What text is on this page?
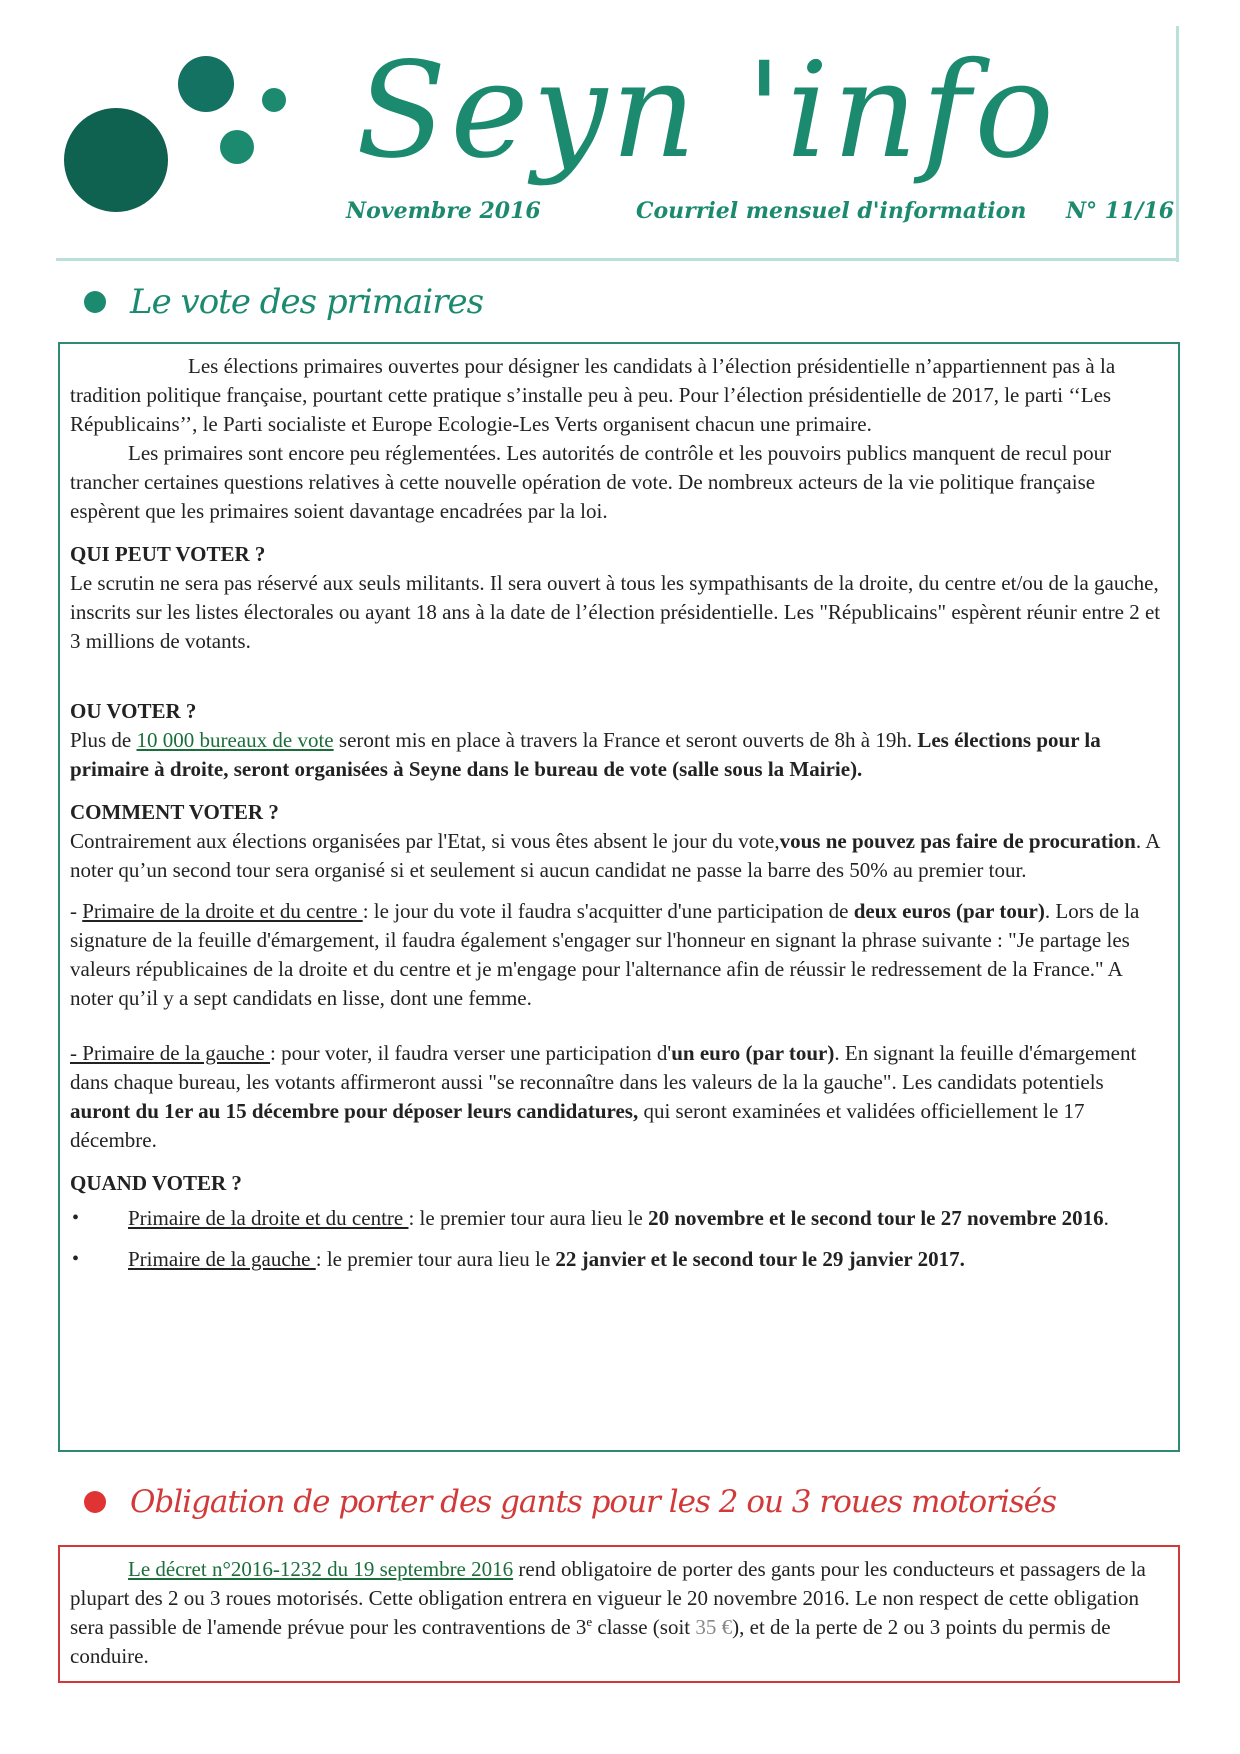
Seyn 'info
Novembre 2016	Courriel mensuel d'information N° 11/16
Le vote des primaires

Les élections primaires ouvertes pour désigner les candidats à l’élection présidentielle n’appartiennent pas à la tradition politique française, pourtant cette pratique s’installe peu à peu. Pour l’élection présidentielle de 2017, le parti ‘‘Les Républicains’’, le Parti socialiste et Europe Ecologie-Les Verts organisent chacun une primaire.

Les primaires sont encore peu réglementées. Les autorités de contrôle et les pouvoirs publics manquent de recul pour trancher certaines questions relatives à cette nouvelle opération de vote. De nombreux acteurs de la vie politique française espèrent que les primaires soient davantage encadrées par la loi.

QUI PEUT VOTER ?

Le scrutin ne sera pas réservé aux seuls militants. Il sera ouvert à tous les sympathisants de la droite, du centre et/ou de la gauche, inscrits sur les listes électorales ou ayant 18 ans à la date de l’élection présidentielle. Les "Républicains" espèrent réunir entre 2 et 3 millions de votants.

OU VOTER ?

Plus de 10 000 bureaux de vote seront mis en place à travers la France et seront ouverts de 8h à 19h. Les élections pour la primaire à droite, seront organisées à Seyne dans le bureau de vote (salle sous la Mairie).

COMMENT VOTER ?

Contrairement aux élections organisées par l'Etat, si vous êtes absent le jour du vote,vous ne pouvez pas faire de procuration. A noter qu’un second tour sera organisé si et seulement si aucun candidat ne passe la barre des 50% au premier tour.

- Primaire de la droite et du centre : le jour du vote il faudra s'acquitter d'une participation de deux euros (par tour). Lors de la signature de la feuille d'émargement, il faudra également s'engager sur l'honneur en signant la phrase suivante : "Je partage les valeurs républicaines de la droite et du centre et je m'engage pour l'alternance afin de réussir le redressement de la France." A noter qu’il y a sept candidats en lisse, dont une femme.

- Primaire de la gauche : pour voter, il faudra verser une participation d'un euro (par tour). En signant la feuille d'émargement dans chaque bureau, les votants affirmeront aussi "se reconnaître dans les valeurs de la la gauche". Les candidats potentiels auront du 1er au 15 décembre pour déposer leurs candidatures, qui seront examinées et validées officiellement le 17 décembre.

QUAND VOTER ?

• Primaire de la droite et du centre : le premier tour aura lieu le 20 novembre et le second tour le 27 novembre 2016.
• Primaire de la gauche : le premier tour aura lieu le 22 janvier et le second tour le 29 janvier 2017.
Obligation de porter des gants pour les 2 ou 3 roues motorisés

Le décret n°2016-1232 du 19 septembre 2016 rend obligatoire de porter des gants pour les conducteurs et passagers de la plupart des 2 ou 3 roues motorisés. Cette obligation entrera en vigueur le 20 novembre 2016. Le non respect de cette obligation sera passible de l'amende prévue pour les contraventions de 3e classe (soit 35 €), et de la perte de 2 ou 3 points du permis de conduire.
